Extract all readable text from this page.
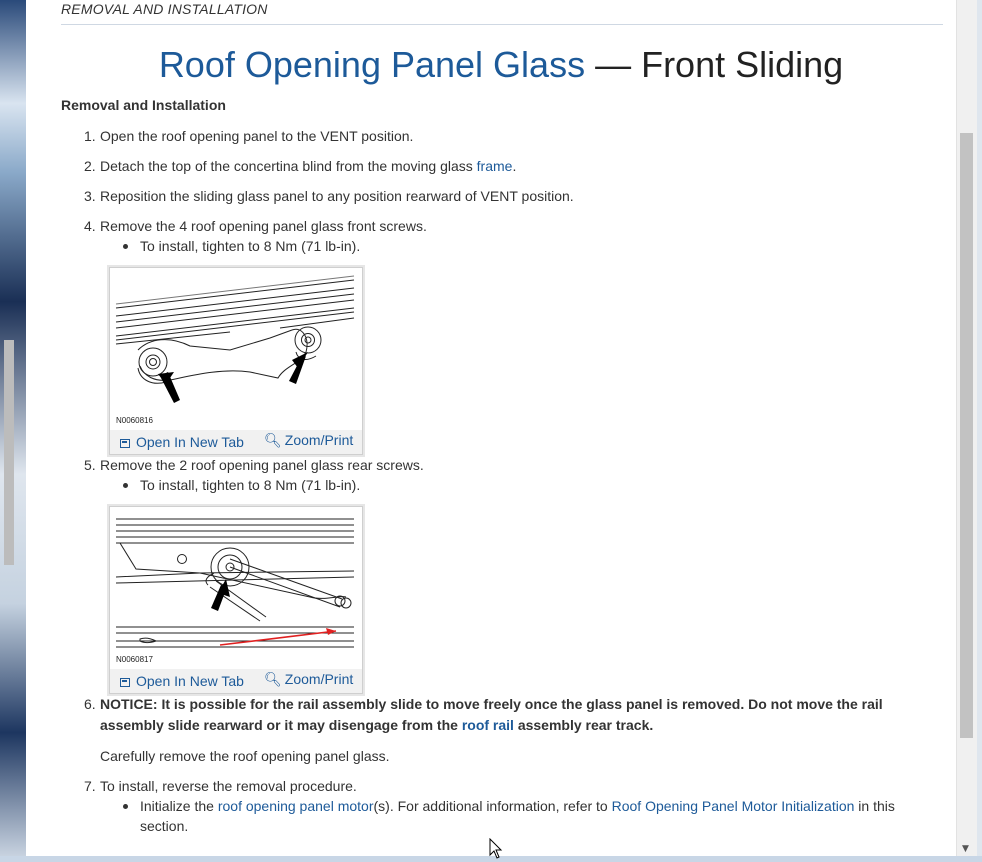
REMOVAL AND INSTALLATION
Roof Opening Panel Glass — Front Sliding
Removal and Installation
1. Open the roof opening panel to the VENT position.
2. Detach the top of the concertina blind from the moving glass frame.
3. Reposition the sliding glass panel to any position rearward of VENT position.
4. Remove the 4 roof opening panel glass front screws.
To install, tighten to 8 Nm (71 lb-in).
N0060816
Open In New Tab 🔍︎ Zoom/Print
5. Remove the 2 roof opening panel glass rear screws.
To install, tighten to 8 Nm (71 lb-in).
N0060817
Open In New Tab 🔍︎ Zoom/Print
6. NOTICE: It is possible for the rail assembly slide to move freely once the glass panel is removed. Do not move the rail assembly slide rearward or it may disengage from the roof rail assembly rear track.
Carefully remove the roof opening panel glass.
7. To install, reverse the removal procedure.
Initialize the roof opening panel motor(s). For additional information, refer to Roof Opening Panel Motor Initialization in this section.
▼
